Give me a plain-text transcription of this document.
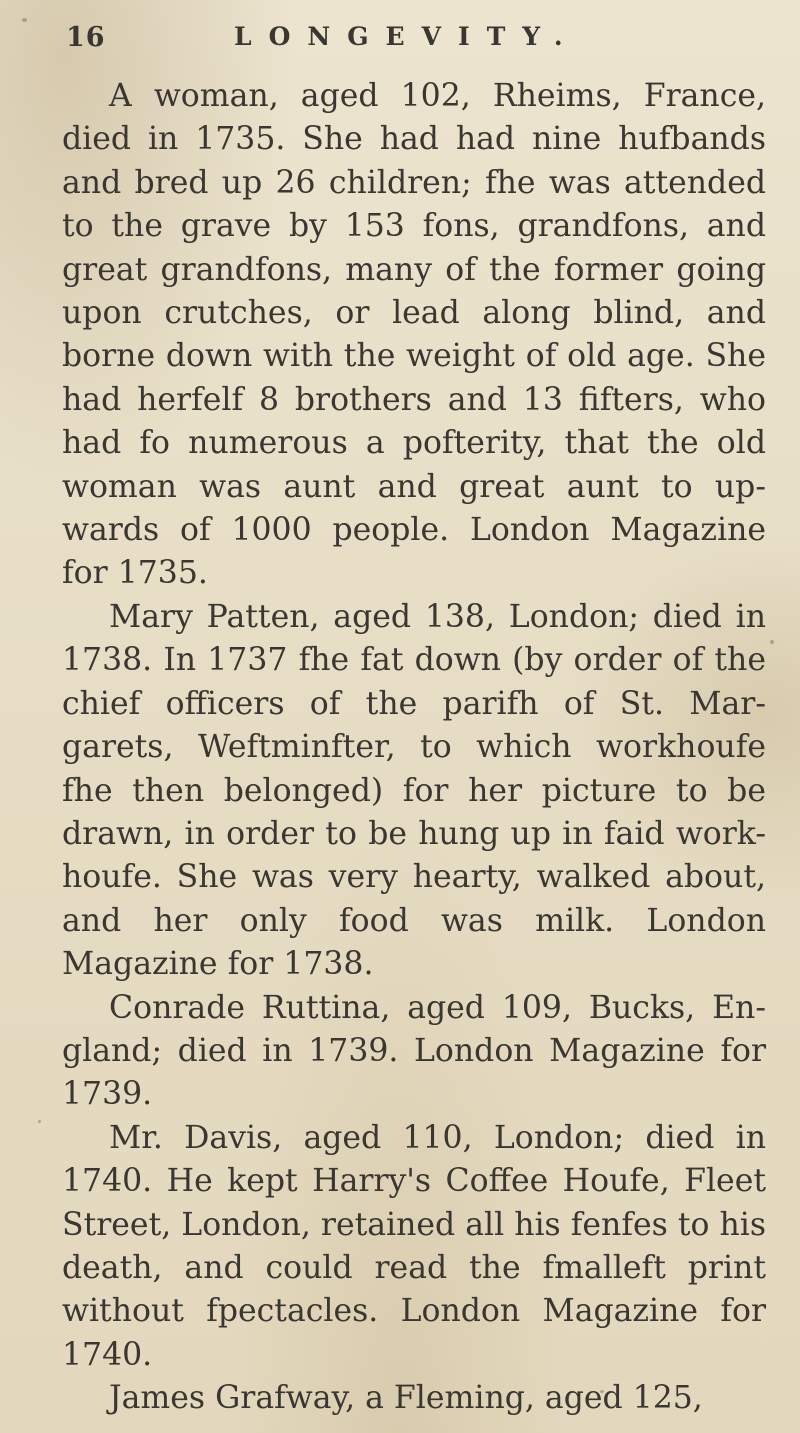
16	LONGEVITY.

A woman, aged 102, Rheims, France, died in 1735. She had had nine hufbands and bred up 26 children; fhe was attended to the grave by 153 fons, grandfons, and great grandfons, many of the former going upon crutches, or lead along blind, and borne down with the weight of old age. She had herfelf 8 brothers and 13 fifters, who had fo numerous a pofterity, that the old woman was aunt and great aunt to up-wards of 1000 people. London Magazine for 1735.

Mary Patten, aged 138, London; died in 1738. In 1737 fhe fat down (by order of the chief officers of the parifh of St. Mar-garets, Weftminfter, to which workhoufe fhe then belonged) for her picture to be drawn, in order to be hung up in faid work-houfe. She was very hearty, walked about, and her only food was milk. London Magazine for 1738.

Conrade Ruttina, aged 109, Bucks, En-gland; died in 1739. London Magazine for 1739.

Mr. Davis, aged 110, London; died in 1740. He kept Harry's Coffee Houfe, Fleet Street, London, retained all his fenfes to his death, and could read the fmalleft print without fpectacles. London Magazine for 1740.

James Grafway, a Fleming, aged 125,
